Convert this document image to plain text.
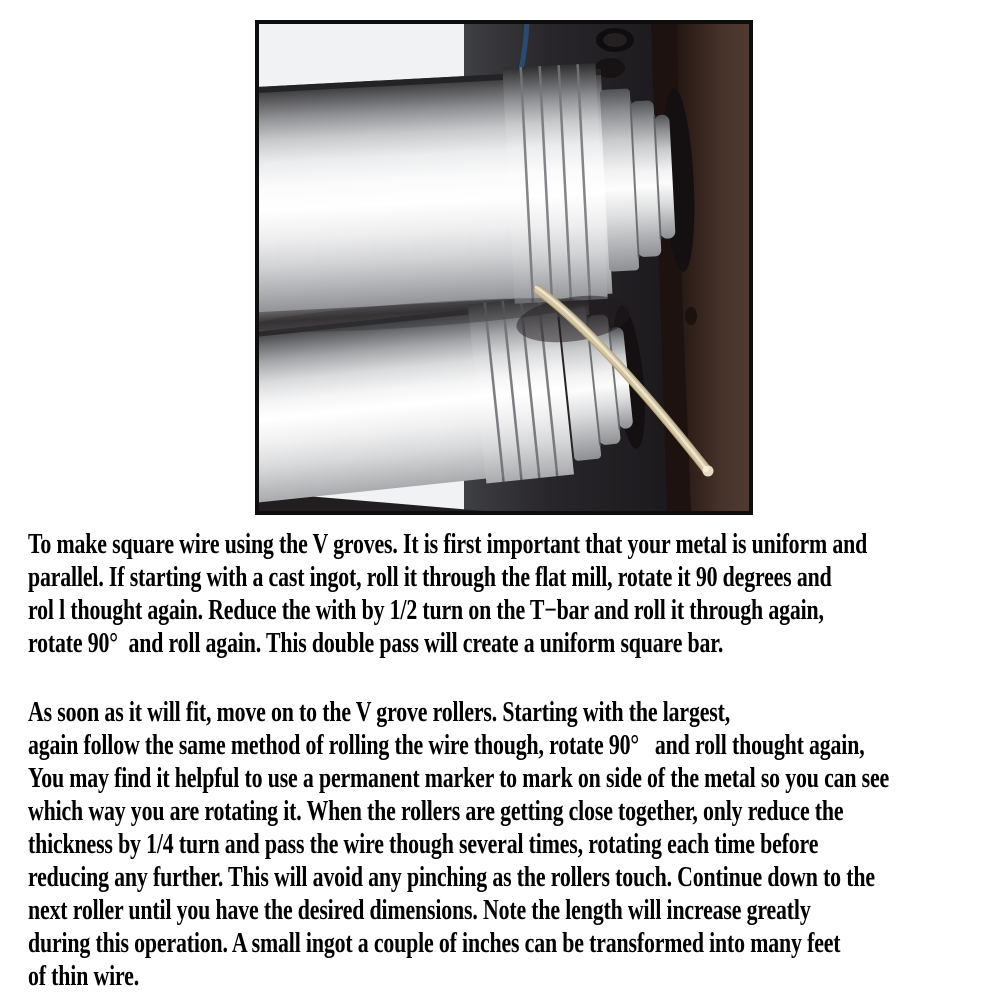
To make square wire using the V groves. It is first important that your metal is uniform and
parallel. If starting with a cast ingot, roll it through the flat mill, rotate it 90 degrees and
rol l thought again. Reduce the with by 1/2 turn on the T−bar and roll it through again,
rotate 90°  and roll again. This double pass will create a uniform square bar.
As soon as it will fit, move on to the V grove rollers. Starting with the largest,
again follow the same method of rolling the wire though, rotate 90°   and roll thought again,
You may find it helpful to use a permanent marker to mark on side of the metal so you can see
which way you are rotating it. When the rollers are getting close together, only reduce the
thickness by 1/4 turn and pass the wire though several times, rotating each time before
reducing any further. This will avoid any pinching as the rollers touch. Continue down to the
next roller until you have the desired dimensions. Note the length will increase greatly
during this operation. A small ingot a couple of inches can be transformed into many feet
of thin wire.
